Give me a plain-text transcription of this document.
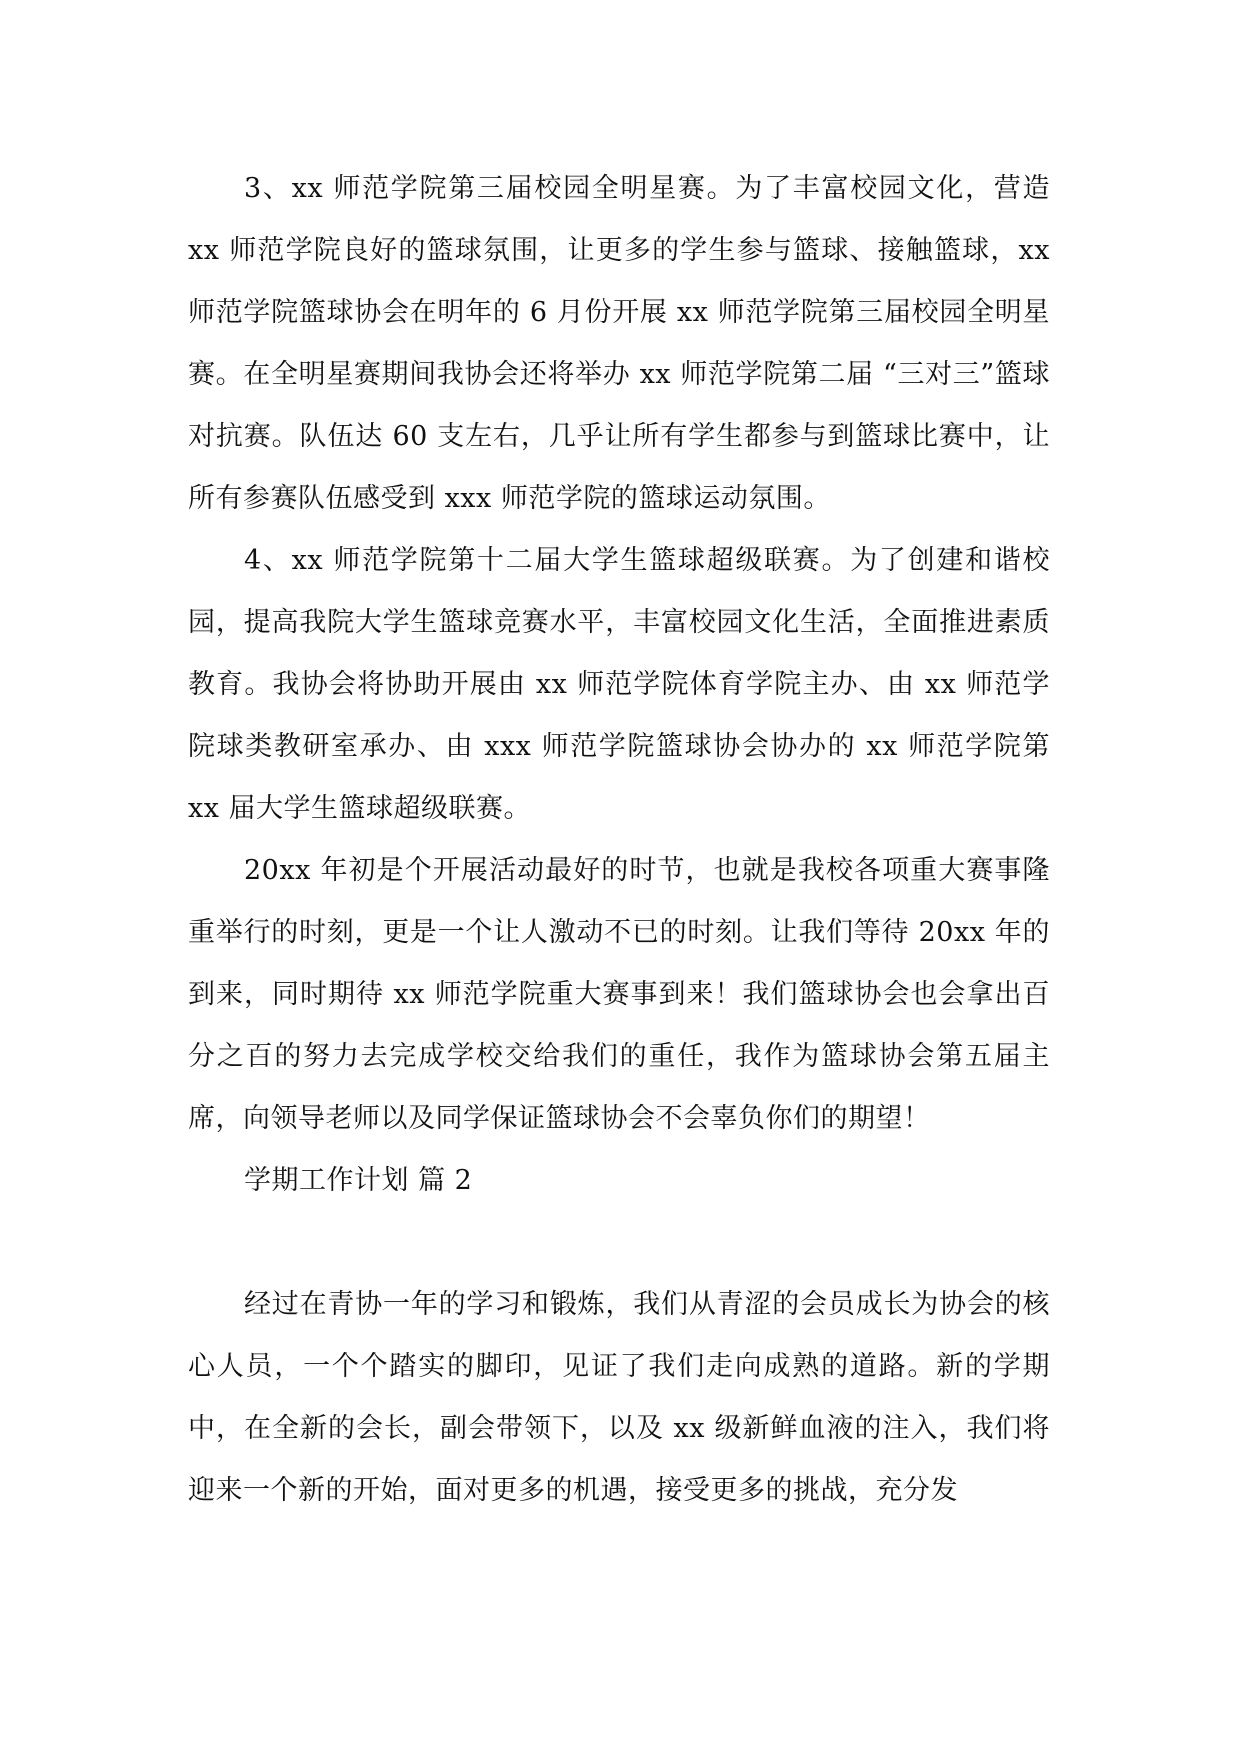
3、xx 师范学院第三届校园全明星赛。为了丰富校园文化，营造 xx 师范学院良好的篮球氛围，让更多的学生参与篮球、接触篮球，xx 师范学院篮球协会在明年的 6 月份开展 xx 师范学院第三届校园全明星赛。在全明星赛期间我协会还将举办 xx 师范学院第二届 “三对三”篮球对抗赛。队伍达 60 支左右，几乎让所有学生都参与到篮球比赛中，让所有参赛队伍感受到 xxx 师范学院的篮球运动氛围。

4、xx 师范学院第十二届大学生篮球超级联赛。为了创建和谐校园，提高我院大学生篮球竞赛水平，丰富校园文化生活，全面推进素质教育。我协会将协助开展由 xx 师范学院体育学院主办、由 xx 师范学院球类教研室承办、由 xxx 师范学院篮球协会协办的 xx 师范学院第 xx 届大学生篮球超级联赛。

20xx 年初是个开展活动最好的时节，也就是我校各项重大赛事隆重举行的时刻，更是一个让人激动不已的时刻。让我们等待 20xx 年的到来，同时期待 xx 师范学院重大赛事到来！我们篮球协会也会拿出百分之百的努力去完成学校交给我们的重任，我作为篮球协会第五届主席，向领导老师以及同学保证篮球协会不会辜负你们的期望！

学期工作计划 篇 2

经过在青协一年的学习和锻炼，我们从青涩的会员成长为协会的核心人员，一个个踏实的脚印，见证了我们走向成熟的道路。新的学期中，在全新的会长，副会带领下，以及 xx 级新鲜血液的注入，我们将迎来一个新的开始，面对更多的机遇，接受更多的挑战，充分发
